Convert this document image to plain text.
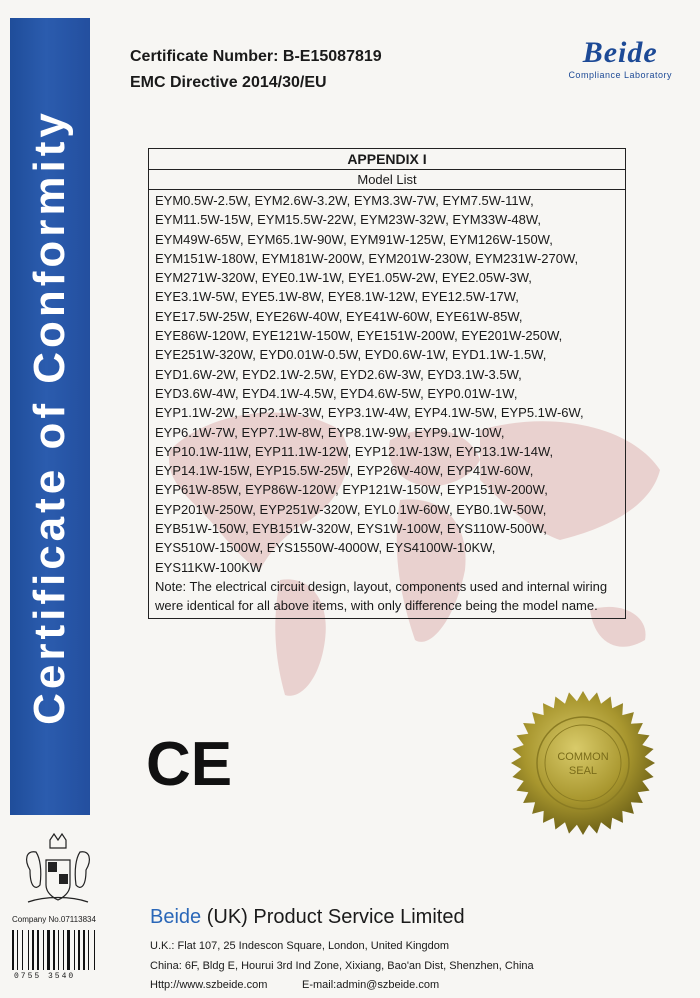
Certificate of Conformity
Certificate Number: B-E15087819
EMC Directive 2014/30/EU
Beide
Compliance Laboratory
APPENDIX I
Model List
EYM0.5W-2.5W, EYM2.6W-3.2W, EYM3.3W-7W, EYM7.5W-11W,
EYM11.5W-15W, EYM15.5W-22W, EYM23W-32W, EYM33W-48W,
EYM49W-65W, EYM65.1W-90W, EYM91W-125W, EYM126W-150W,
EYM151W-180W, EYM181W-200W, EYM201W-230W, EYM231W-270W,
EYM271W-320W, EYE0.1W-1W, EYE1.05W-2W, EYE2.05W-3W,
EYE3.1W-5W, EYE5.1W-8W, EYE8.1W-12W, EYE12.5W-17W,
EYE17.5W-25W, EYE26W-40W, EYE41W-60W, EYE61W-85W,
EYE86W-120W, EYE121W-150W, EYE151W-200W, EYE201W-250W,
EYE251W-320W, EYD0.01W-0.5W, EYD0.6W-1W, EYD1.1W-1.5W,
EYD1.6W-2W, EYD2.1W-2.5W, EYD2.6W-3W, EYD3.1W-3.5W,
EYD3.6W-4W, EYD4.1W-4.5W, EYD4.6W-5W, EYP0.01W-1W,
EYP1.1W-2W, EYP2.1W-3W, EYP3.1W-4W, EYP4.1W-5W, EYP5.1W-6W,
EYP6.1W-7W, EYP7.1W-8W, EYP8.1W-9W, EYP9.1W-10W,
EYP10.1W-11W, EYP11.1W-12W, EYP12.1W-13W, EYP13.1W-14W,
EYP14.1W-15W, EYP15.5W-25W, EYP26W-40W, EYP41W-60W,
EYP61W-85W, EYP86W-120W, EYP121W-150W, EYP151W-200W,
EYP201W-250W, EYP251W-320W, EYL0.1W-60W, EYB0.1W-50W,
EYB51W-150W, EYB151W-320W, EYS1W-100W, EYS110W-500W,
EYS510W-1500W, EYS1550W-4000W, EYS4100W-10KW,
EYS11KW-100KW
Note: The electrical circuit design, layout, components used and internal wiring were identical for all above items, with only difference being the model name.
CE	COMMON
SEAL
Company No.07113834
0755 3540
Beide (UK) Product Service Limited
U.K.: Flat 107, 25 Indescon Square, London, United Kingdom
China: 6F, Bldg E, Hourui 3rd Ind Zone, Xixiang, Bao'an Dist, Shenzhen, China
Http://www.szbeide.com	E-mail:admin@szbeide.com
